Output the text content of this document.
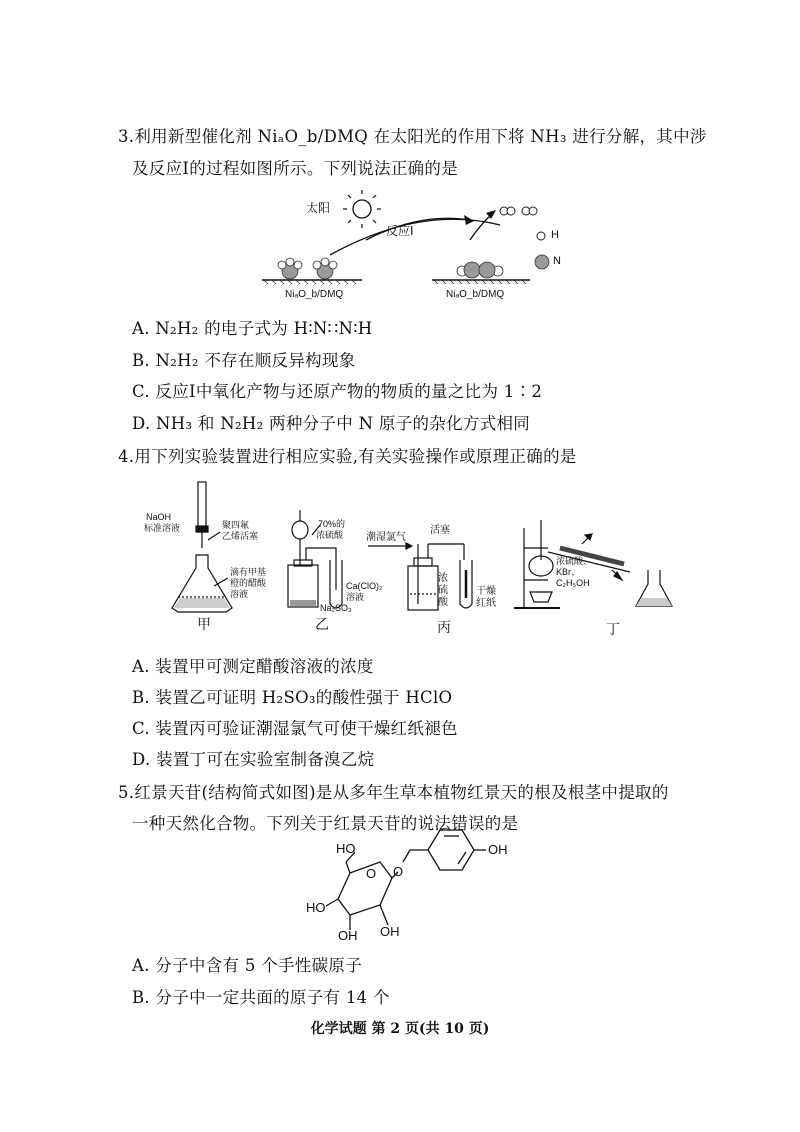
3.利用新型催化剂 NiₐO_b/DMQ 在太阳光的作用下将 NH₃ 进行分解，其中涉
及反应Ⅰ的过程如图所示。下列说法正确的是
太阳
反应Ⅰ
NiₐO_b/DMQ	NiₐO_b/DMQ
H
N
A. N₂H₂ 的电子式为 H∶N∷N∶H
B. N₂H₂ 不存在顺反异构现象
C. 反应Ⅰ中氧化产物与还原产物的物质的量之比为 1∶2
D. NH₃ 和 N₂H₂ 两种分子中 N 原子的杂化方式相同
4.用下列实验装置进行相应实验,有关实验操作或原理正确的是
NaOH
标准溶液	聚四氟
乙烯活塞
滴有甲基
橙的醋酸
溶液
甲
70%的
浓硫酸
Ca(ClO)₂
溶液
Na₂SO₃
乙
潮湿氯气
活塞
浓
硫
酸
干燥
红纸
丙
浓硫酸、
KBr、
C₂H₅OH
丁
A. 装置甲可测定醋酸溶液的浓度
B. 装置乙可证明 H₂SO₃的酸性强于 HClO
C. 装置丙可验证潮湿氯气可使干燥红纸褪色
D. 装置丁可在实验室制备溴乙烷
5.红景天苷(结构简式如图)是从多年生草本植物红景天的根及根茎中提取的
一种天然化合物。下列关于红景天苷的说法错误的是
HO
O O
OH
HO
OH OH
A. 分子中含有 5 个手性碳原子
B. 分子中一定共面的原子有 14 个
化学试题 第 2 页(共 10 页)
